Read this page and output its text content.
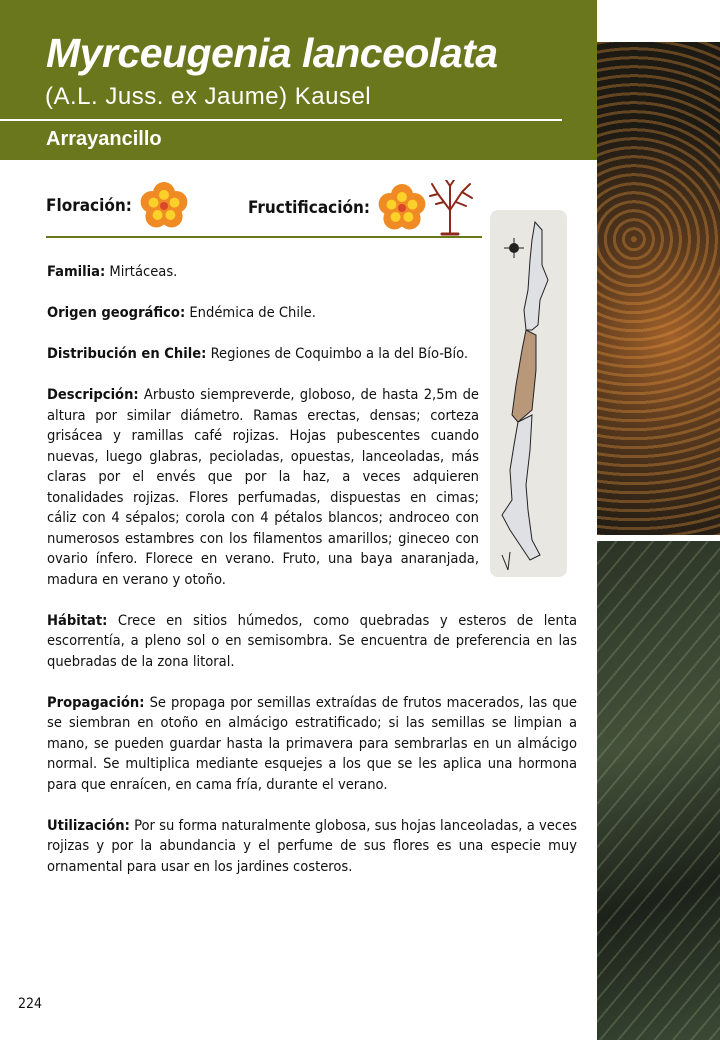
Myrceugenia lanceolata
(A.L. Juss. ex Jaume) Kausel
Arrayancillo
Floración:	Fructificación:

Familia: Mirtáceas.

Origen geográfico: Endémica de Chile.

Distribución en Chile: Regiones de Coquimbo a la del Bío-Bío.

Descripción: Arbusto siempreverde, globoso, de hasta 2,5m de altura por similar diámetro. Ramas erectas, densas; corteza grisácea y ramillas café rojizas. Hojas pubescentes cuando nuevas, luego glabras, pecioladas, opuestas, lanceoladas, más claras por el envés que por la haz, a veces adquieren tonalidades rojizas. Flores perfumadas, dispuestas en cimas; cáliz con 4 sépalos; corola con 4 pétalos blancos; androceo con numerosos estambres con los filamentos amarillos; gineceo con ovario ínfero. Florece en verano. Fruto, una baya anaranjada, madura en verano y otoño.

Hábitat: Crece en sitios húmedos, como quebradas y esteros de lenta escorrentía, a pleno sol o en semisombra. Se encuentra de preferencia en las quebradas de la zona litoral.

Propagación: Se propaga por semillas extraídas de frutos macerados, las que se siembran en otoño en almácigo estratificado; si las semillas se limpian a mano, se pueden guardar hasta la primavera para sembrarlas en un almácigo normal. Se multiplica mediante esquejes a los que se les aplica una hormona para que enraícen, en cama fría, durante el verano.

Utilización: Por su forma naturalmente globosa, sus hojas lanceoladas, a veces rojizas y por la abundancia y el perfume de sus flores es una especie muy ornamental para usar en los jardines costeros.

224
